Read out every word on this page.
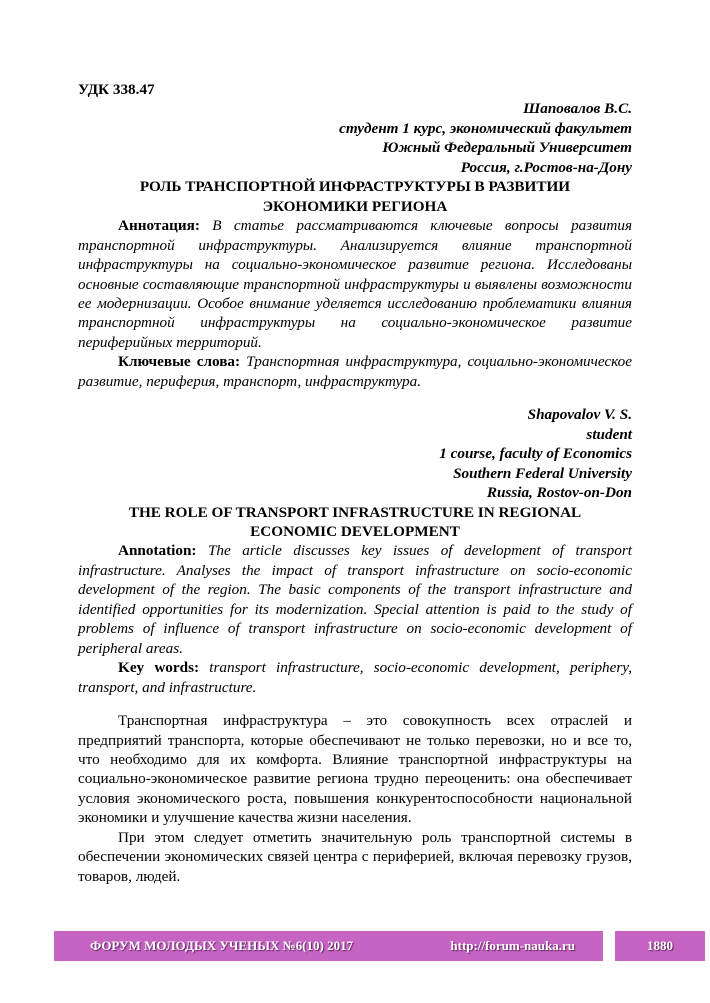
УДК 338.47
Шаповалов В.С.
студент 1 курс, экономический факультет
Южный Федеральный Университет
Россия, г.Ростов-на-Дону
РОЛЬ ТРАНСПОРТНОЙ ИНФРАСТРУКТУРЫ В РАЗВИТИИ ЭКОНОМИКИ РЕГИОНА

Аннотация: В статье рассматриваются ключевые вопросы развития транспортной инфраструктуры. Анализируется влияние транспортной инфраструктуры на социально-экономическое развитие региона. Исследованы основные составляющие транспортной инфраструктуры и выявлены возможности ее модернизации. Особое внимание уделяется исследованию проблематики влияния транспортной инфраструктуры на социально-экономическое развитие периферийных территорий.

Ключевые слова: Транспортная инфраструктура, социально-экономическое развитие, периферия, транспорт, инфраструктура.

Shapovalov V. S.
student
1 course, faculty of Economics
Southern Federal University
Russia, Rostov-on-Don
THE ROLE OF TRANSPORT INFRASTRUCTURE IN REGIONAL ECONOMIC DEVELOPMENT

Annotation: The article discusses key issues of development of transport infrastructure. Analyses the impact of transport infrastructure on socio-economic development of the region. The basic components of the transport infrastructure and identified opportunities for its modernization. Special attention is paid to the study of problems of influence of transport infrastructure on socio-economic development of peripheral areas.

Key words: transport infrastructure, socio-economic development, periphery, transport, and infrastructure.

Транспортная инфраструктура – это совокупность всех отраслей и предприятий транспорта, которые обеспечивают не только перевозки, но и все то, что необходимо для их комфорта. Влияние транспортной инфраструктуры на социально-экономическое развитие региона трудно переоценить: она обеспечивает условия экономического роста, повышения конкурентоспособности национальной экономики и улучшение качества жизни населения.

При этом следует отметить значительную роль транспортной системы в обеспечении экономических связей центра с периферией, включая перевозку грузов, товаров, людей.

ФОРУМ МОЛОДЫХ УЧЕНЫХ №6(10) 2017	http://forum-nauka.ru	1880
